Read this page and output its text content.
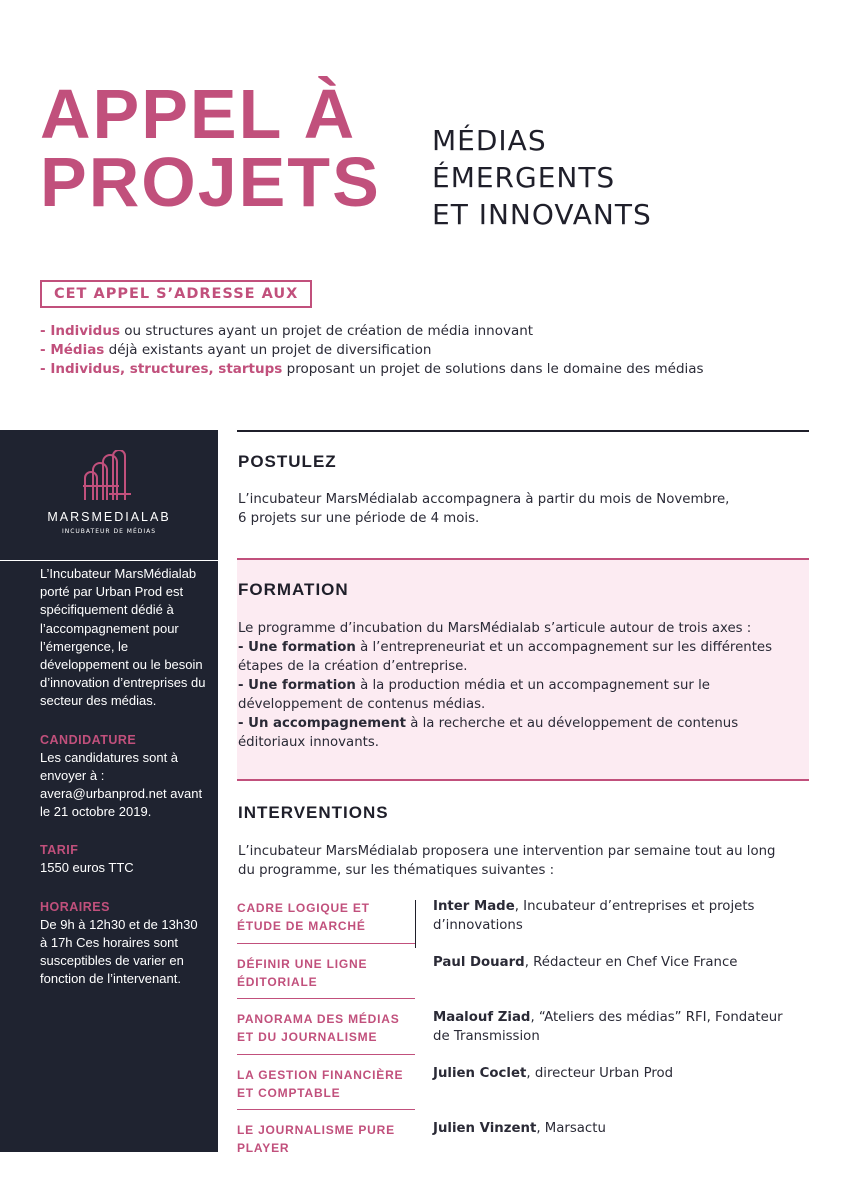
APPEL À
PROJETS
MÉDIAS
ÉMERGENTS
ET INNOVANTS
CET APPEL S’ADRESSE AUX
- Individus ou structures ayant un projet de création de média innovant
- Médias déjà existants ayant un projet de diversification
- Individus, structures, startups proposant un projet de solutions dans le domaine des médias
MARSMEDIALAB
INCUBATEUR DE MÉDIAS

L’Incubateur MarsMédialab porté par Urban Prod est spécifiquement dédié à l’accompagnement pour l’émergence, le développement ou le besoin d’innovation d’entreprises du secteur des médias.

CANDIDATURE

Les candidatures sont à envoyer à : avera@urbanprod.net avant le 21 octobre 2019.

TARIF

1550 euros TTC

HORAIRES

De 9h à 12h30 et de 13h30 à 17h Ces horaires sont susceptibles de varier en fonction de l’intervenant.

POSTULEZ

L’incubateur MarsMédialab accompagnera à partir du mois de Novembre,

6 projets sur une période de 4 mois.

FORMATION

Le programme d’incubation du MarsMédialab s’articule autour de trois axes :

- Une formation à l’entrepreneuriat et un accompagnement sur les différentes

étapes de la création d’entreprise.

- Une formation à la production média et un accompagnement sur le

développement de contenus médias.

- Un accompagnement à la recherche et au développement de contenus

éditoriaux innovants.

INTERVENTIONS

L’incubateur MarsMédialab proposera une intervention par semaine tout au long

du programme, sur les thématiques suivantes :

CADRE LOGIQUE ET
ÉTUDE DE MARCHÉ
Inter Made, Incubateur d’entreprises et projets
d’innovations
DÉFINIR UNE LIGNE
ÉDITORIALE
Paul Douard, Rédacteur en Chef Vice France
PANORAMA DES MÉDIAS
ET DU JOURNALISME
Maalouf Ziad, “Ateliers des médias” RFI, Fondateur
de Transmission
LA GESTION FINANCIÈRE
ET COMPTABLE
Julien Coclet, directeur Urban Prod
LE JOURNALISME PURE
PLAYER
Julien Vinzent, Marsactu
